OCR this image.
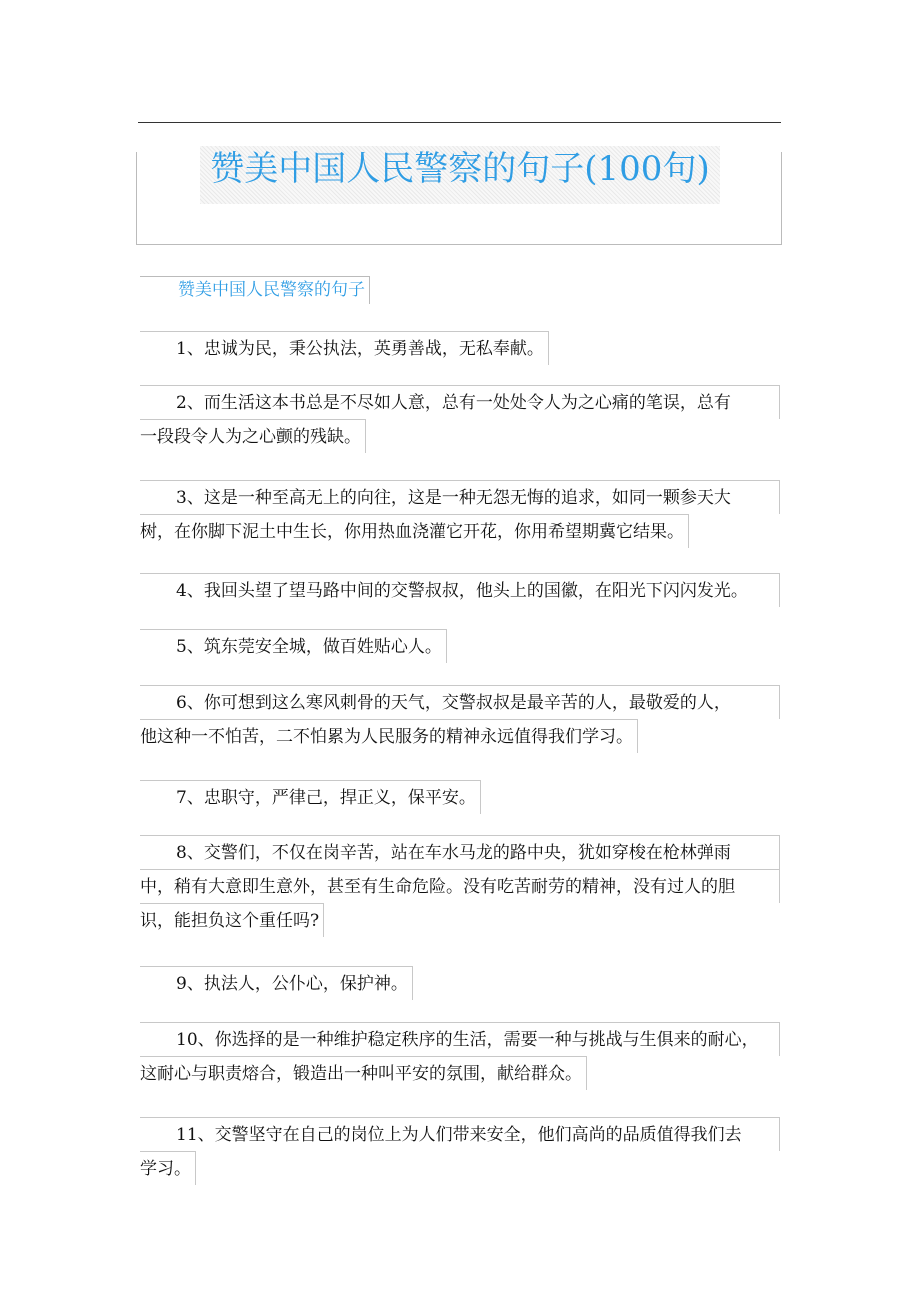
赞美中国人民警察的句子(100句)
赞美中国人民警察的句子

1、忠诚为民，秉公执法，英勇善战，无私奉献。

2、而生活这本书总是不尽如人意，总有一处处令人为之心痛的笔误，总有
一段段令人为之心颤的残缺。

3、这是一种至高无上的向往，这是一种无怨无悔的追求，如同一颗参天大
树，在你脚下泥土中生长，你用热血浇灌它开花，你用希望期冀它结果。

4、我回头望了望马路中间的交警叔叔，他头上的国徽，在阳光下闪闪发光。

5、筑东莞安全城，做百姓贴心人。

6、你可想到这么寒风刺骨的天气，交警叔叔是最辛苦的人，最敬爱的人，
他这种一不怕苦，二不怕累为人民服务的精神永远值得我们学习。

7、忠职守，严律己，捍正义，保平安。

8、交警们，不仅在岗辛苦，站在车水马龙的路中央，犹如穿梭在枪林弹雨
中，稍有大意即生意外，甚至有生命危险。没有吃苦耐劳的精神，没有过人的胆
识，能担负这个重任吗?

9、执法人，公仆心，保护神。

10、你选择的是一种维护稳定秩序的生活，需要一种与挑战与生俱来的耐心，
这耐心与职责熔合，锻造出一种叫平安的氛围，献给群众。

11、交警坚守在自己的岗位上为人们带来安全，他们高尚的品质值得我们去
学习。
